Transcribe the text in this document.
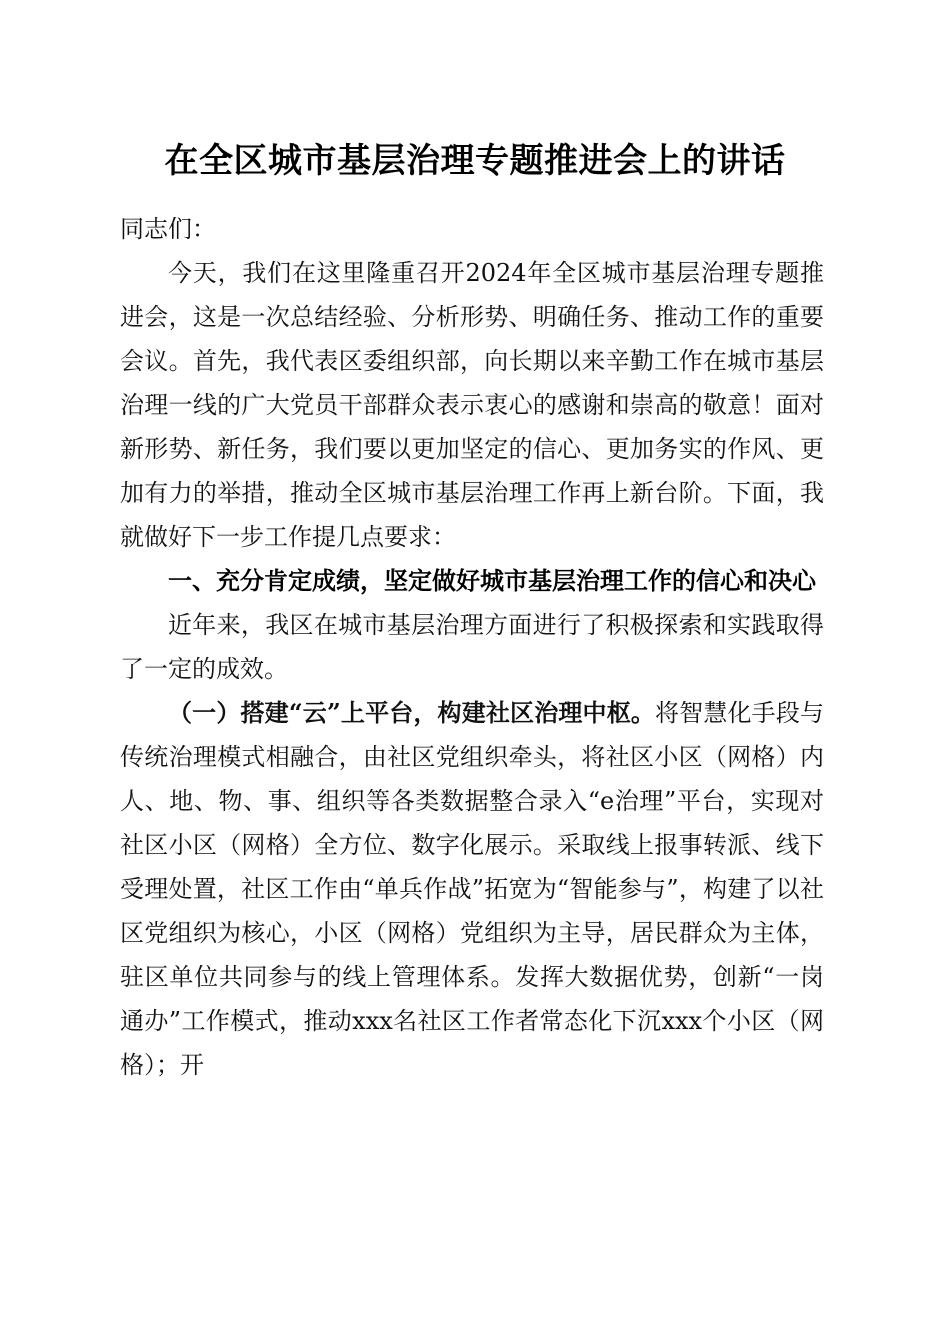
在全区城市基层治理专题推进会上的讲话

同志们：

今天，我们在这里隆重召开2024年全区城市基层治理专题推进会，这是一次总结经验、分析形势、明确任务、推动工作的重要会议。首先，我代表区委组织部，向长期以来辛勤工作在城市基层治理一线的广大党员干部群众表示衷心的感谢和崇高的敬意！面对新形势、新任务，我们要以更加坚定的信心、更加务实的作风、更加有力的举措，推动全区城市基层治理工作再上新台阶。下面，我就做好下一步工作提几点要求：

一、充分肯定成绩，坚定做好城市基层治理工作的信心和决心

近年来，我区在城市基层治理方面进行了积极探索和实践取得了一定的成效。

（一）搭建“云”上平台，构建社区治理中枢。将智慧化手段与传统治理模式相融合，由社区党组织牵头，将社区小区（网格）内人、地、物、事、组织等各类数据整合录入“e治理”平台，实现对社区小区（网格）全方位、数字化展示。采取线上报事转派、线下受理处置，社区工作由“单兵作战”拓宽为“智能参与”，构建了以社区党组织为核心，小区（网格）党组织为主导，居民群众为主体，驻区单位共同参与的线上管理体系。发挥大数据优势，创新“一岗通办”工作模式，推动xxx名社区工作者常态化下沉xxx个小区（网格）；开
